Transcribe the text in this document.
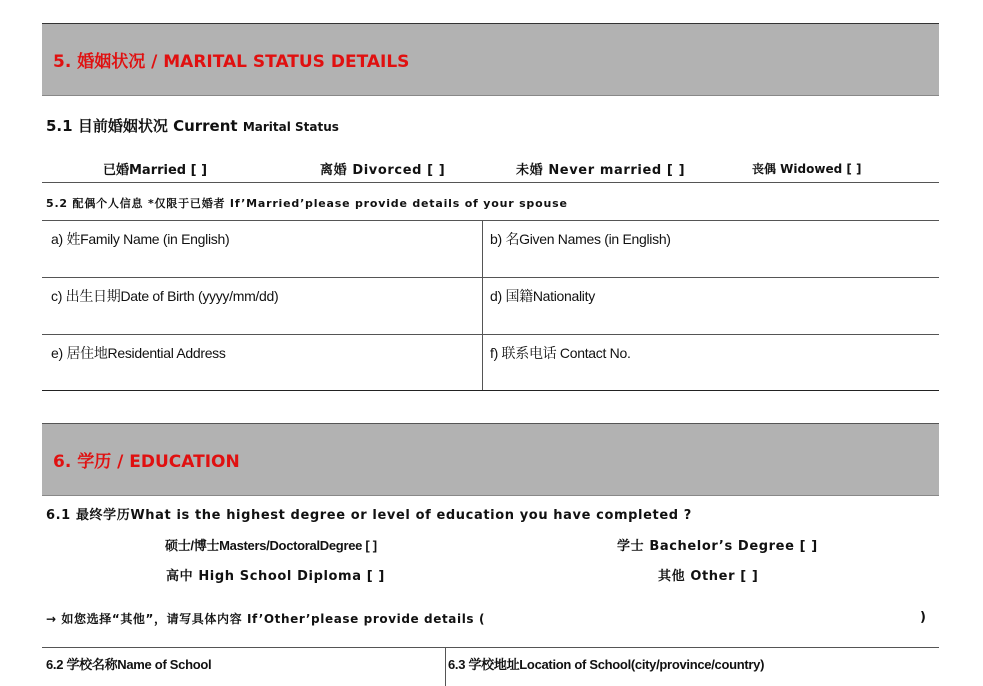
5. 婚姻状况 / MARITAL STATUS DETAILS
5.1 目前婚姻状况 Current Marital Status
已婚Married [ ]	离婚 Divorced [ ]	未婚 Never married [ ]	丧偶 Widowed [ ]
5.2 配偶个人信息 *仅限于已婚者 If’Married’please provide details of your spouse
a) 姓Family Name (in English)	b) 名Given Names (in English)
c) 出生日期Date of Birth (yyyy/mm/dd)	d) 国籍Nationality
e) 居住地Residential Address	f) 联系电话 Contact No.
6. 学历 / EDUCATION
6.1 最终学历What is the highest degree or level of education you have completed ?
硕士/博士Masters/DoctoralDegree [ ]	学士 Bachelor’s Degree [ ]
高中 High School Diploma [ ]	其他 Other [ ]
→ 如您选择“其他”，请写具体内容 If’Other’please provide details (	)
6.2 学校名称Name of School	6.3 学校地址Location of School(city/province/country)
